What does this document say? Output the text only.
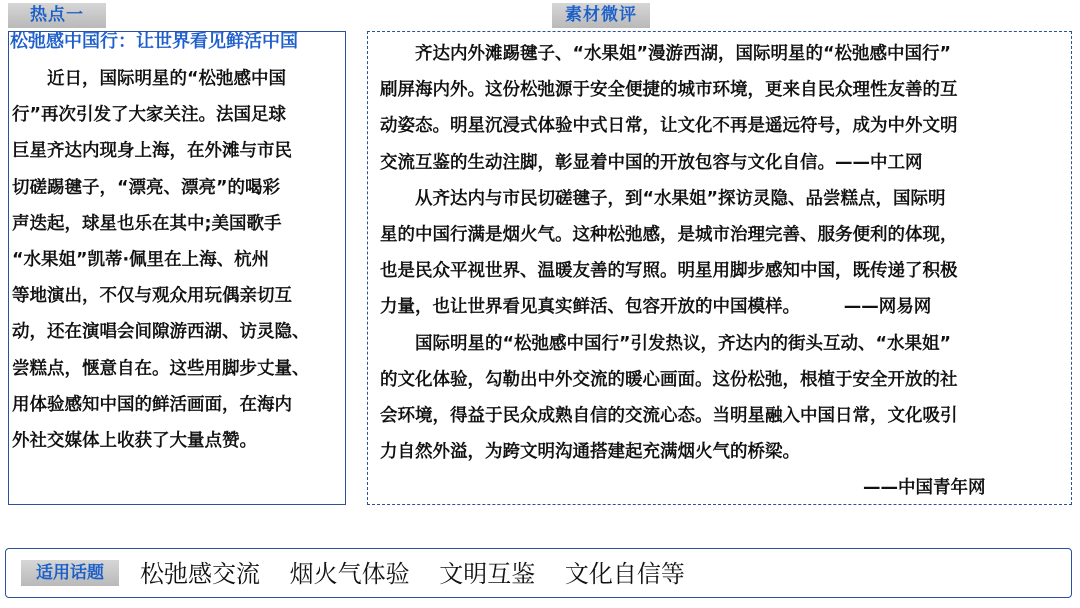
热点一	素材微评
松弛感中国行：让世界看见鲜活中国
　　近日，国际明星的“松弛感中国
行”再次引发了大家关注。法国足球
巨星齐达内现身上海，在外滩与市民
切磋踢毽子，“漂亮、漂亮”的喝彩
声迭起，球星也乐在其中;美国歌手
“水果姐”凯蒂·佩里在上海、杭州
等地演出，不仅与观众用玩偶亲切互
动，还在演唱会间隙游西湖、访灵隐、
尝糕点，惬意自在。这些用脚步丈量、
用体验感知中国的鲜活画面，在海内
外社交媒体上收获了大量点赞。
　　齐达内外滩踢毽子、“水果姐”漫游西湖，国际明星的“松弛感中国行”
刷屏海内外。这份松弛源于安全便捷的城市环境，更来自民众理性友善的互
动姿态。明星沉浸式体验中式日常，让文化不再是遥远符号，成为中外文明
交流互鉴的生动注脚，彰显着中国的开放包容与文化自信。——中工网
　　从齐达内与市民切磋毽子，到“水果姐”探访灵隐、品尝糕点，国际明
星的中国行满是烟火气。这种松弛感，是城市治理完善、服务便利的体现，
也是民众平视世界、温暖友善的写照。明星用脚步感知中国，既传递了积极
力量，也让世界看见真实鲜活、包容开放的中国模样。　　　——网易网
　　国际明星的“松弛感中国行”引发热议，齐达内的街头互动、“水果姐”
的文化体验，勾勒出中外交流的暖心画面。这份松弛，根植于安全开放的社
会环境，得益于民众成熟自信的交流心态。当明星融入中国日常，文化吸引
力自然外溢，为跨文明沟通搭建起充满烟火气的桥梁。
——中国青年网
适用话题	松弛感交流 烟火气体验 文明互鉴 文化自信等
